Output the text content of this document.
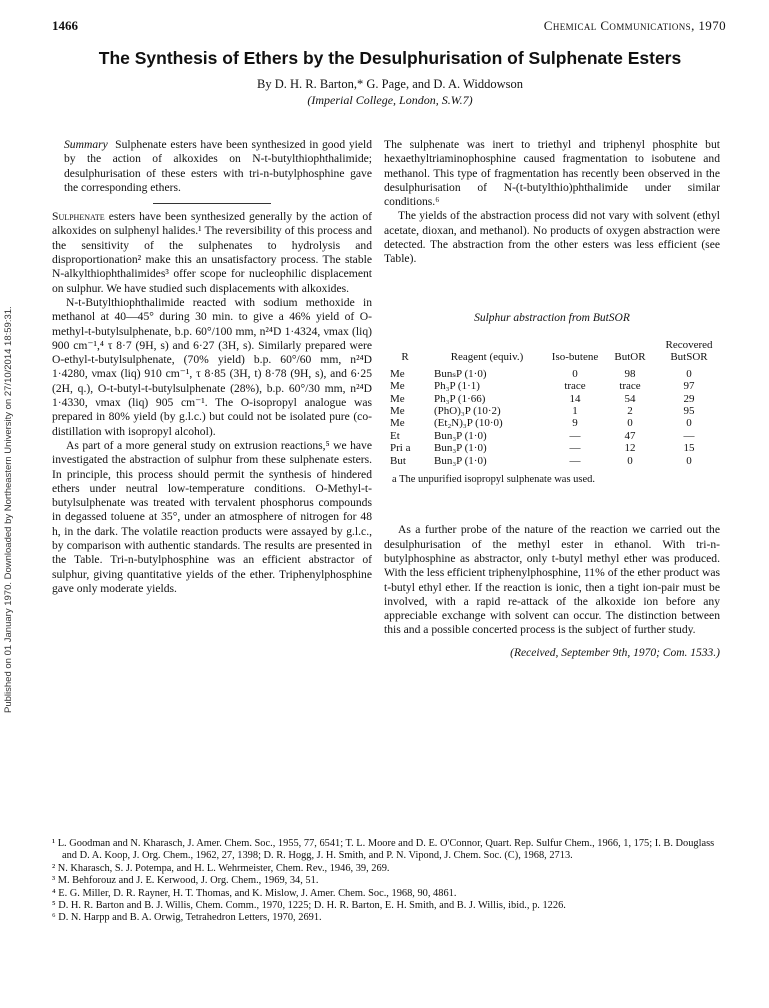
Published on 01 January 1970. Downloaded by Northeastern University on 27/10/2014 18:59:31.
1466	Chemical Communications, 1970
The Synthesis of Ethers by the Desulphurisation of Sulphenate Esters
By D. H. R. Barton,* G. Page, and D. A. Widdowson
(Imperial College, London, S.W.7)

Summary Sulphenate esters have been synthesized in good yield by the action of alkoxides on N-t-butylthiophthalimide; desulphurisation of these esters with tri-n-butylphosphine gave the corresponding ethers.

Sulphenate esters have been synthesized generally by the action of alkoxides on sulphenyl halides.¹ The reversibility of this process and the sensitivity of the sulphenates to hydrolysis and disproportionation² make this an unsatisfactory process. The stable N-alkylthiophthalimides³ offer scope for nucleophilic displacement on sulphur. We have studied such displacements with alkoxides.

N-t-Butylthiophthalimide reacted with sodium methoxide in methanol at 40—45° during 30 min. to give a 46% yield of O-methyl-t-butylsulphenate, b.p. 60°/100 mm, n²⁴D 1·4324, νmax (liq) 900 cm⁻¹,⁴ τ 8·7 (9H, s) and 6·27 (3H, s). Similarly prepared were O-ethyl-t-butylsulphenate, (70% yield) b.p. 60°/60 mm, n²⁴D 1·4280, νmax (liq) 910 cm⁻¹, τ 8·85 (3H, t) 8·78 (9H, s), and 6·25 (2H, q.), O-t-butyl-t-butylsulphenate (28%), b.p. 60°/30 mm, n²⁴D 1·4330, νmax (liq) 905 cm⁻¹. The O-isopropyl analogue was prepared in 80% yield (by g.l.c.) but could not be isolated pure (co-distillation with isopropyl alcohol).

As part of a more general study on extrusion reactions,⁵ we have investigated the abstraction of sulphur from these sulphenate esters. In principle, this process should permit the synthesis of hindered ethers under neutral low-temperature conditions. O-Methyl-t-butylsulphenate was treated with tervalent phosphorus compounds in degassed toluene at 35°, under an atmosphere of nitrogen for 48 h, in the dark. The volatile reaction products were assayed by g.l.c., by comparison with authentic standards. The results are presented in the Table. Tri-n-butylphosphine was an efficient abstractor of sulphur, giving quantitative yields of the ether. Triphenylphosphine gave only moderate yields.

The sulphenate was inert to triethyl and triphenyl phosphite but hexaethyltriaminophosphine caused fragmentation to isobutene and methanol. This type of fragmentation has recently been observed in the desulphurisation of N-(t-butylthio)phthalimide under similar conditions.⁶

The yields of the abstraction process did not vary with solvent (ethyl acetate, dioxan, and methanol). No products of oxygen abstraction were detected. The abstraction from the other esters was less efficient (see Table).

Sulphur abstraction from ButSOR
R	Reagent (equiv.)	Iso-butene	ButOR	Recovered ButSOR
Me	BunₛP (1·0)	0	98	0
Me	Ph₃P (1·1)	trace	trace	97
Me	Ph₃P (1·66)	14	54	29
Me	(PhO)₃P (10·2)	1	2	95
Me	(Et₂N)₃P (10·0)	9	0	0
Et	Bun₃P (1·0)	—	47	—
Pri a	Bun₃P (1·0)	—	12	15
But	Bun₃P (1·0)	—	0	0
a The unpurified isopropyl sulphenate was used.

As a further probe of the nature of the reaction we carried out the desulphurisation of the methyl ester in ethanol. With tri-n-butylphosphine as abstractor, only t-butyl methyl ether was produced. With the less efficient triphenylphosphine, 11% of the ether product was t-butyl ethyl ether. If the reaction is ionic, then a tight ion-pair must be involved, with a rapid re-attack of the alkoxide ion before any appreciable exchange with solvent can occur. The distinction between this and a possible concerted process is the subject of further study.

(Received, September 9th, 1970; Com. 1533.)
¹ L. Goodman and N. Kharasch, J. Amer. Chem. Soc., 1955, 77, 6541; T. L. Moore and D. E. O'Connor, Quart. Rep. Sulfur Chem., 1966, 1, 175; I. B. Douglass and D. A. Koop, J. Org. Chem., 1962, 27, 1398; D. R. Hogg, J. H. Smith, and P. N. Vipond, J. Chem. Soc. (C), 1968, 2713.
² N. Kharasch, S. J. Potempa, and H. L. Wehrmeister, Chem. Rev., 1946, 39, 269.
³ M. Behforouz and J. E. Kerwood, J. Org. Chem., 1969, 34, 51.
⁴ E. G. Miller, D. R. Rayner, H. T. Thomas, and K. Mislow, J. Amer. Chem. Soc., 1968, 90, 4861.
⁵ D. H. R. Barton and B. J. Willis, Chem. Comm., 1970, 1225; D. H. R. Barton, E. H. Smith, and B. J. Willis, ibid., p. 1226.
⁶ D. N. Harpp and B. A. Orwig, Tetrahedron Letters, 1970, 2691.
